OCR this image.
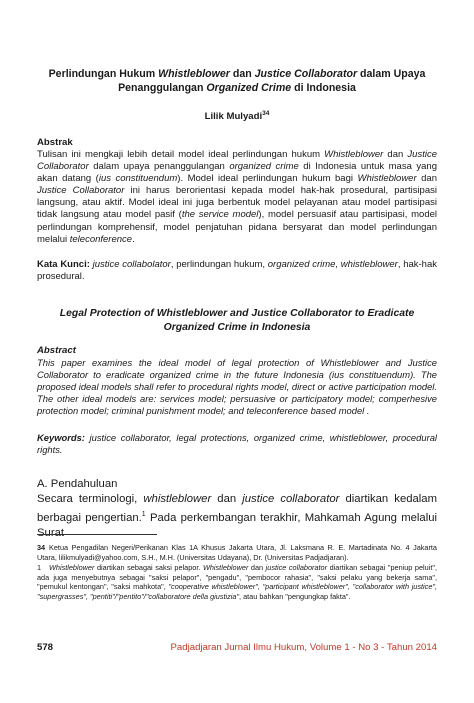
Perlindungan Hukum Whistleblower dan Justice Collaborator dalam Upaya
Penanggulangan Organized Crime di Indonesia
Lilik Mulyadi$^{34}$
Abstrak
Tulisan ini mengkaji lebih detail model ideal perlindungan hukum Whistleblower dan Justice Collaborator dalam upaya penanggulangan organized crime di Indonesia untuk masa yang akan datang (ius constituendum). Model ideal perlindungan hukum bagi Whistleblower dan Justice Collaborator ini harus berorientasi kepada model hak-hak prosedural, partisipasi langsung, atau aktif. Model ideal ini juga berbentuk model pelayanan atau model partisipasi tidak langsung atau model pasif (the service model), model persuasif atau partisipasi, model perlindungan komprehensif, model penjatuhan pidana bersyarat dan model perlindungan melalui teleconference.
Kata Kunci: justice collabolator, perlindungan hukum, organized crime, whistleblower, hak-hak prosedural.
Legal Protection of Whistleblower and Justice Collaborator to Eradicate
Organized Crime in Indonesia
Abstract
This paper examines the ideal model of legal protection of Whistleblower and Justice Collaborator to eradicate organized crime in the future Indonesia (ius constituendum). The proposed ideal models shall refer to procedural rights model, direct or active participation model. The other ideal models are: services model; persuasive or participatory model; comperhesive protection model; criminal punishment model; and teleconference based model .
Keywords: justice collaborator, legal protections, organized crime, whistleblower, procedural rights.
A. Pendahuluan
Secara terminologi, whistleblower dan justice collaborator diartikan kedalam berbagai pengertian.$^1$ Pada perkembangan terakhir, Mahkamah Agung melalui Surat
34 Ketua Pengadilan Negeri/Perikanan Klas 1A Khusus Jakarta Utara, Jl. Laksmana R. E. Martadinata No. 4 Jakarta Utara, lilikmulyadi@yahoo.com, S.H., M.H. (Universitas Udayana), Dr. (Universitas Padjadjaran).
1 Whistleblower diartikan sebagai saksi pelapor. Whistleblower dan justice collaborator diartikan sebagai "peniup peluit", ada juga menyebutnya sebagai "saksi pelapor", "pengadu", "pembocor rahasia", "saksi pelaku yang bekerja sama", "pemukul kentongan", "saksi mahkota", "cooperative whistleblower", "participant whistleblower", "collaborator with justice", "supergrasses", "pentiti"/"pentito"/"collaboratore della giustizia", atau bahkan "pengungkap fakta".
578	Padjadjaran Jurnal Ilmu Hukum, Volume 1 - No 3 - Tahun 2014
